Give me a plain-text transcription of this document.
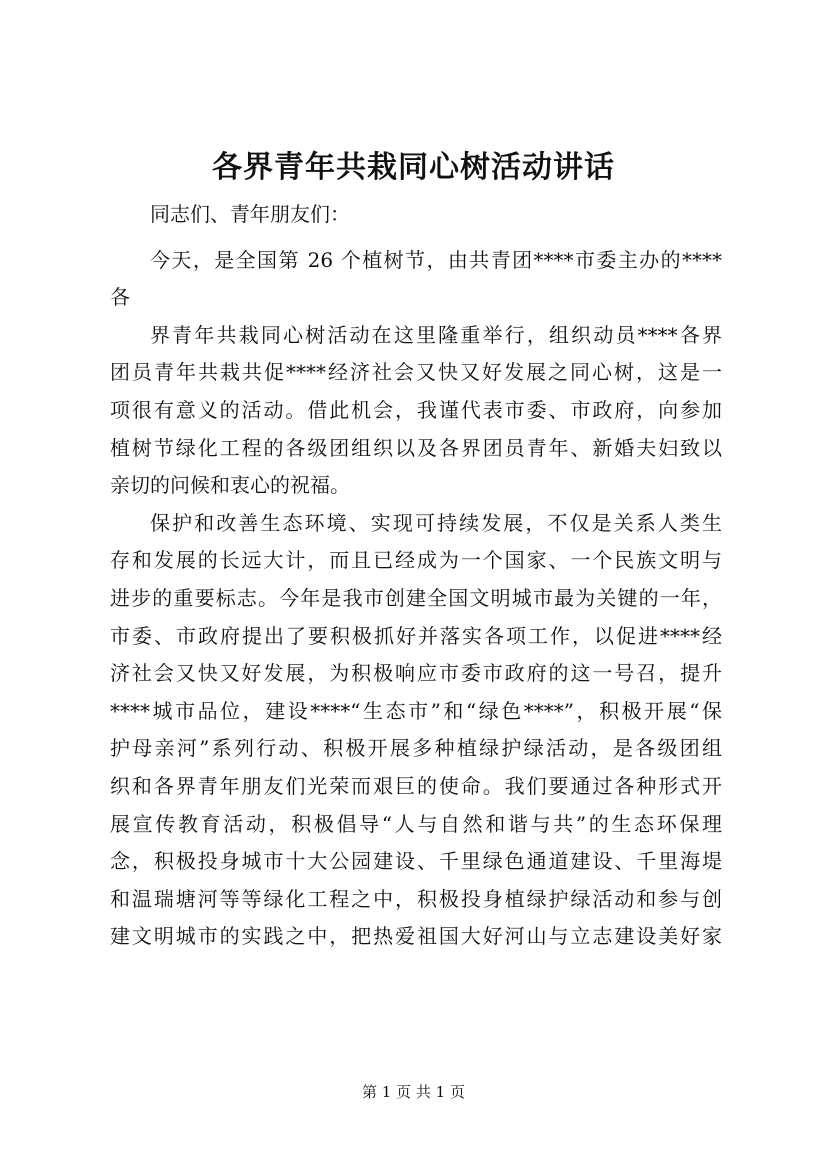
各界青年共栽同心树活动讲话
同志们、青年朋友们：
今天，是全国第 26 个植树节，由共青团****市委主办的****
各
界青年共栽同心树活动在这里隆重举行，组织动员****各界
团员青年共栽共促****经济社会又快又好发展之同心树，这是一
项很有意义的活动。借此机会，我谨代表市委、市政府，向参加
植树节绿化工程的各级团组织以及各界团员青年、新婚夫妇致以
亲切的问候和衷心的祝福。
保护和改善生态环境、实现可持续发展，不仅是关系人类生
存和发展的长远大计，而且已经成为一个国家、一个民族文明与
进步的重要标志。今年是我市创建全国文明城市最为关键的一年，
市委、市政府提出了要积极抓好并落实各项工作，以促进****经
济社会又快又好发展，为积极响应市委市政府的这一号召，提升
****城市品位，建设****“生态市”和“绿色****”，积极开展“保
护母亲河”系列行动、积极开展多种植绿护绿活动，是各级团组
织和各界青年朋友们光荣而艰巨的使命。我们要通过各种形式开
展宣传教育活动，积极倡导“人与自然和谐与共”的生态环保理
念，积极投身城市十大公园建设、千里绿色通道建设、千里海堤
和温瑞塘河等等绿化工程之中，积极投身植绿护绿活动和参与创
建文明城市的实践之中，把热爱祖国大好河山与立志建设美好家
第 1 页 共 1 页
